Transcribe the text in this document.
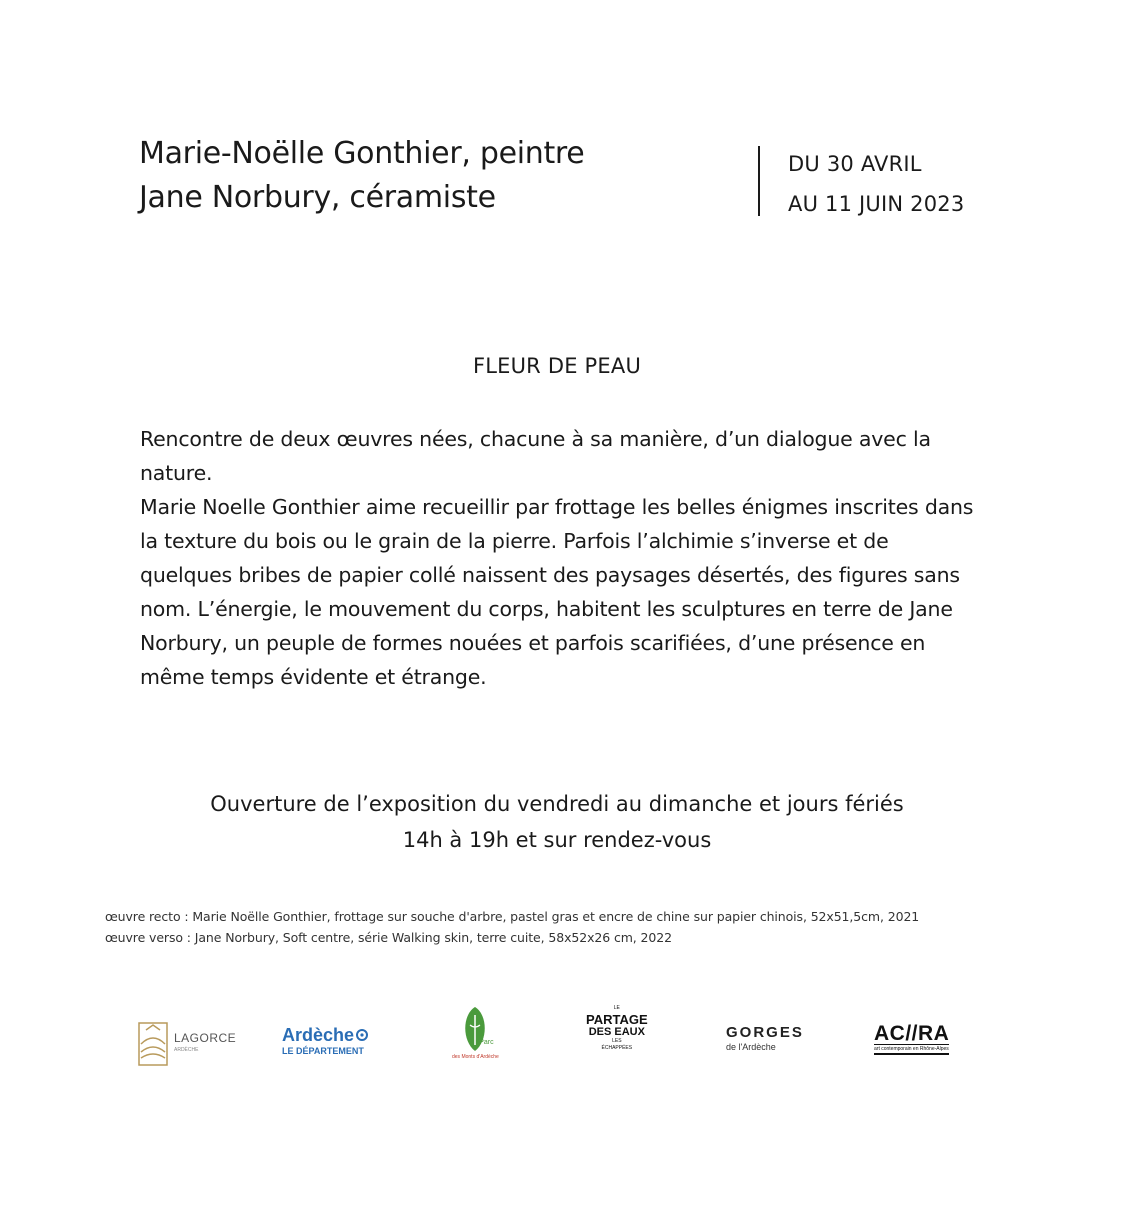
Marie-Noëlle Gonthier, peintre
Jane Norbury, céramiste
DU 30 AVRIL
AU 11 JUIN 2023
FLEUR DE PEAU

Rencontre de deux œuvres nées, chacune à sa manière, d’un dialogue avec la nature.

Marie Noelle Gonthier aime recueillir par frottage les belles énigmes inscrites dans la texture du bois ou le grain de la pierre. Parfois l’alchimie s’inverse et de quelques bribes de papier collé naissent des paysages désertés, des figures sans nom. L’énergie, le mouvement du corps, habitent les sculptures en terre de Jane Norbury, un peuple de formes nouées et parfois scarifiées, d’une présence en même temps évidente et étrange.

Ouverture de l’exposition du vendredi au dimanche et jours fériés
14h à 19h et sur rendez-vous
œuvre recto : Marie Noëlle Gonthier, frottage sur souche d'arbre, pastel gras et encre de chine sur papier chinois, 52x51,5cm, 2021
œuvre verso : Jane Norbury, Soft centre, série Walking skin, terre cuite, 58x52x26 cm, 2022
LAGORCE
ARDÈCHE
Ardèche
LE DÉPARTEMENT
Parc
des Monts d'Ardèche
LE
PARTAGE
DES EAUX
LES
ÉCHAPPÉES
GORGES
de l'Ardèche
AC//RA
art contemporain en Rhône-Alpes
